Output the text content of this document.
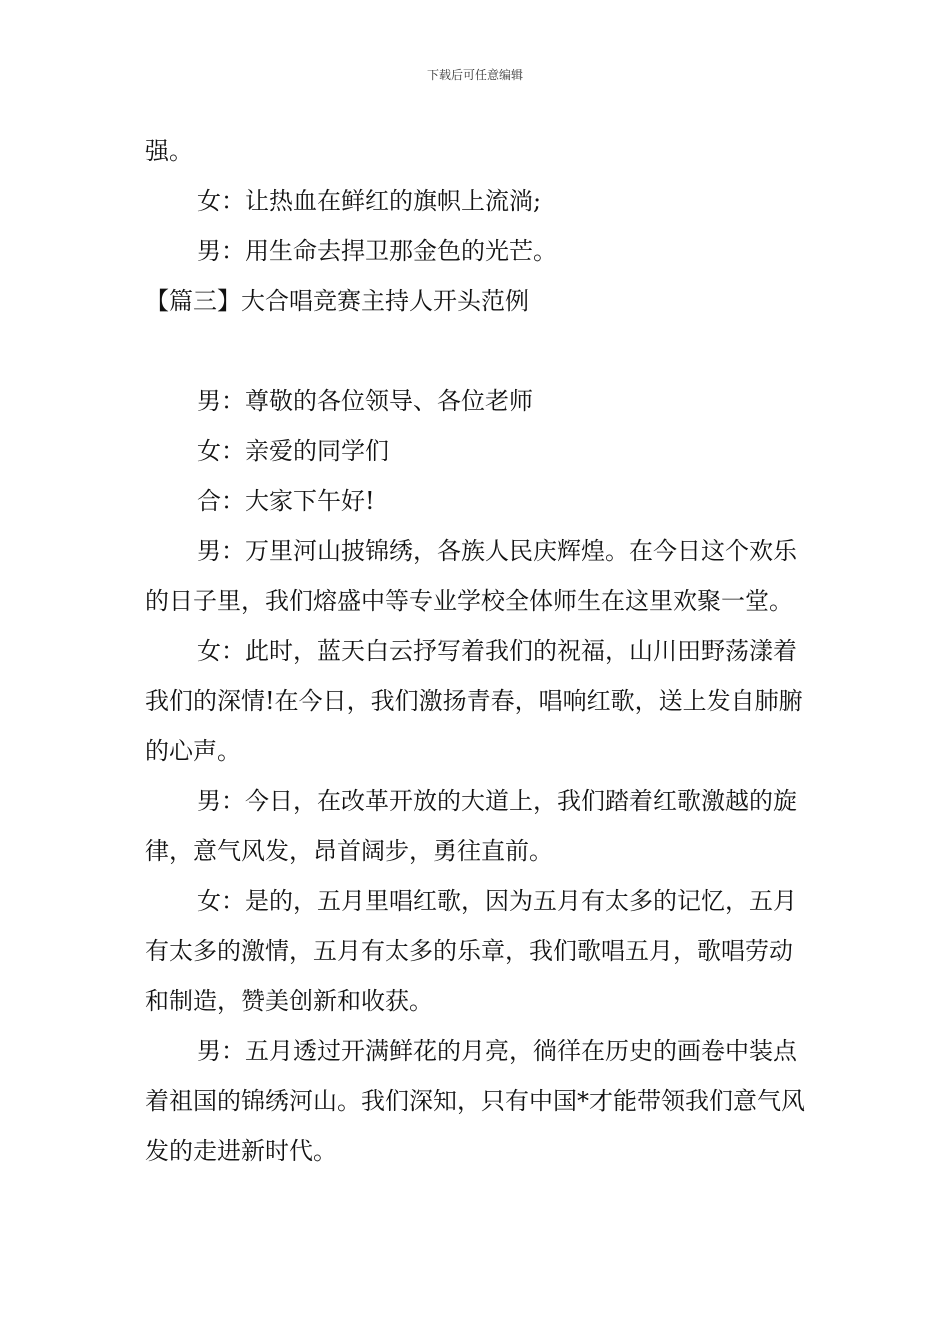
下载后可任意编辑

强。

女：让热血在鲜红的旗帜上流淌;

男：用生命去捍卫那金色的光芒。

【篇三】大合唱竞赛主持人开头范例

男：尊敬的各位领导、各位老师

女：亲爱的同学们

合：大家下午好!

男：万里河山披锦绣，各族人民庆辉煌。在今日这个欢乐的日子里，我们熔盛中等专业学校全体师生在这里欢聚一堂。

女：此时，蓝天白云抒写着我们的祝福，山川田野荡漾着我们的深情!在今日，我们激扬青春，唱响红歌，送上发自肺腑的心声。

男：今日，在改革开放的大道上，我们踏着红歌激越的旋律，意气风发，昂首阔步，勇往直前。

女：是的，五月里唱红歌，因为五月有太多的记忆，五月有太多的激情，五月有太多的乐章，我们歌唱五月，歌唱劳动和制造，赞美创新和收获。

男：五月透过开满鲜花的月亮，徜徉在历史的画卷中装点着祖国的锦绣河山。我们深知，只有中国*才能带领我们意气风发的走进新时代。
